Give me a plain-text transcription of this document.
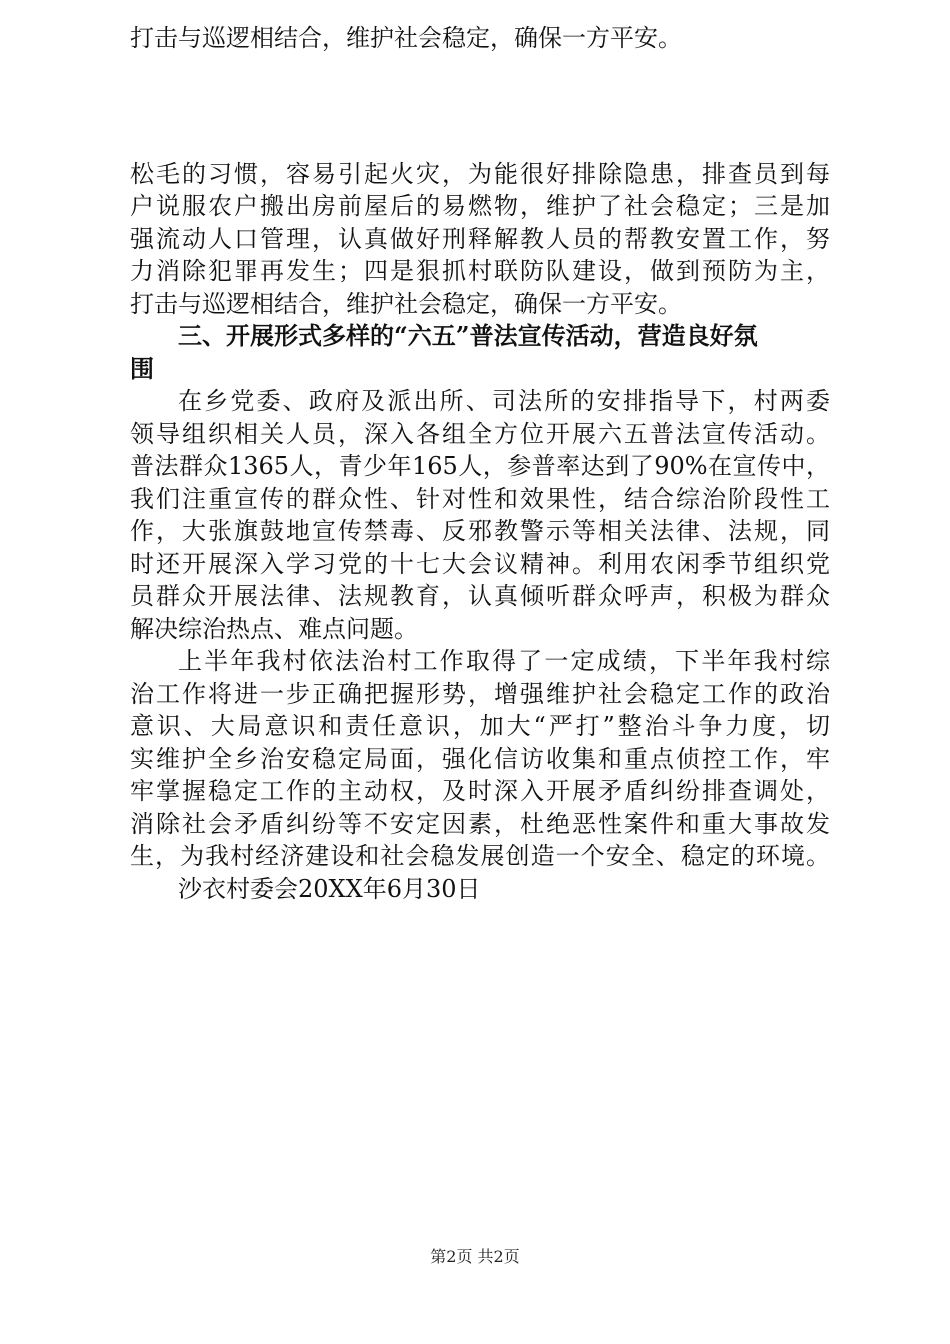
打击与巡逻相结合，维护社会稳定，确保一方平安。
松毛的习惯，容易引起火灾，为能很好排除隐患，排查员到每
户说服农户搬出房前屋后的易燃物，维护了社会稳定；三是加
强流动人口管理，认真做好刑释解教人员的帮教安置工作，努
力消除犯罪再发生；四是狠抓村联防队建设，做到预防为主，
打击与巡逻相结合，维护社会稳定，确保一方平安。
三、开展形式多样的“六五”普法宣传活动，营造良好氛
围
在乡党委、政府及派出所、司法所的安排指导下，村两委
领导组织相关人员，深入各组全方位开展六五普法宣传活动。
普法群众1365人，青少年165人，参普率达到了90%在宣传中，
我们注重宣传的群众性、针对性和效果性，结合综治阶段性工
作，大张旗鼓地宣传禁毒、反邪教警示等相关法律、法规，同
时还开展深入学习党的十七大会议精神。利用农闲季节组织党
员群众开展法律、法规教育，认真倾听群众呼声，积极为群众
解决综治热点、难点问题。
上半年我村依法治村工作取得了一定成绩，下半年我村综
治工作将进一步正确把握形势，增强维护社会稳定工作的政治
意识、大局意识和责任意识，加大“严打”整治斗争力度，切
实维护全乡治安稳定局面，强化信访收集和重点侦控工作，牢
牢掌握稳定工作的主动权，及时深入开展矛盾纠纷排查调处，
消除社会矛盾纠纷等不安定因素，杜绝恶性案件和重大事故发
生，为我村经济建设和社会稳发展创造一个安全、稳定的环境。
沙衣村委会20XX年6月30日
第2页 共2页
